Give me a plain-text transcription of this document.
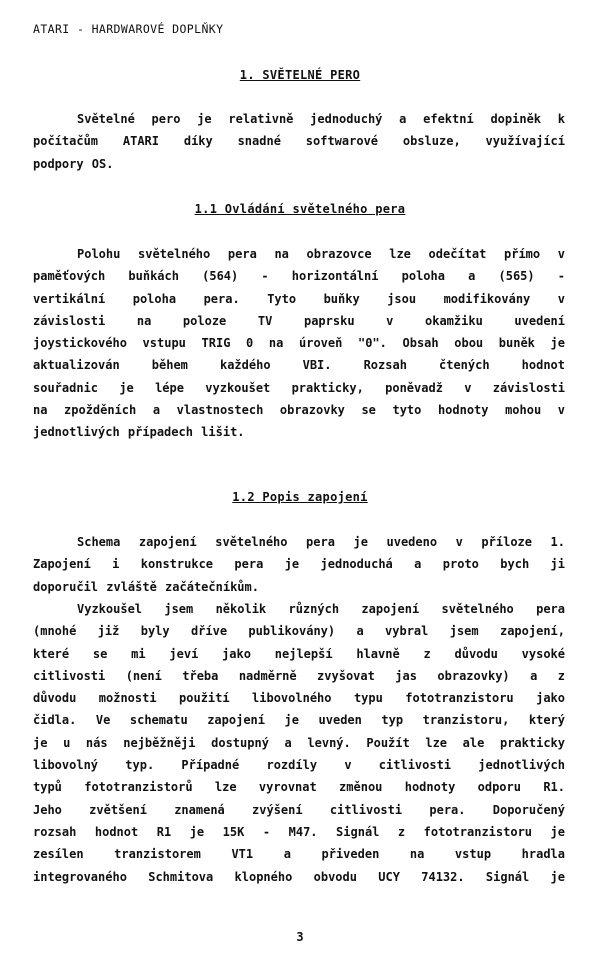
ATARI - HARDWAROVÉ DOPLŇKY
1. SVĚTELNÉ PERO
Světelné pero je relativně jednoduchý a efektní dopiněk k
počítačům ATARI díky snadné softwarové obsluze, využívající
podpory OS.
1.1 Ovládání světelného pera
Polohu světelného pera na obrazovce lze odečítat přímo v
paměťových buňkách (564) - horizontální poloha a (565) -
vertikální poloha pera. Tyto buňky jsou modifikovány v
závislosti na poloze TV paprsku v okamžiku uvedení
joystickového vstupu TRIG 0 na úroveň "0". Obsah obou buněk je
aktualizován během každého VBI. Rozsah čtených hodnot
souřadnic je lépe vyzkoušet prakticky, poněvadž v závislosti
na zpožděních a vlastnostech obrazovky se tyto hodnoty mohou v
jednotlivých případech lišit.
1.2 Popis zapojení
Schema zapojení světelného pera je uvedeno v příloze 1.
Zapojení i konstrukce pera je jednoduchá a proto bych ji
doporučil zvláště začátečníkům.
Vyzkoušel jsem několik různých zapojení světelného pera
(mnohé již byly dříve publikovány) a vybral jsem zapojení,
které se mi jeví jako nejlepší hlavně z důvodu vysoké
citlivosti (není třeba nadměrně zvyšovat jas obrazovky) a z
důvodu možnosti použití libovolného typu fototranzistoru jako
čidla. Ve schematu zapojení je uveden typ tranzistoru, který
je u nás nejběžněji dostupný a levný. Použít lze ale prakticky
libovolný typ. Případné rozdíly v citlivosti jednotlivých
typů fototranzistorů lze vyrovnat změnou hodnoty odporu R1.
Jeho zvětšení znamená zvýšení citlivosti pera. Doporučený
rozsah hodnot R1 je 15K - M47. Signál z fototranzistoru je
zesílen tranzistorem VT1 a přiveden na vstup hradla
integrovaného Schmitova klopného obvodu UCY 74132. Signál je
3
